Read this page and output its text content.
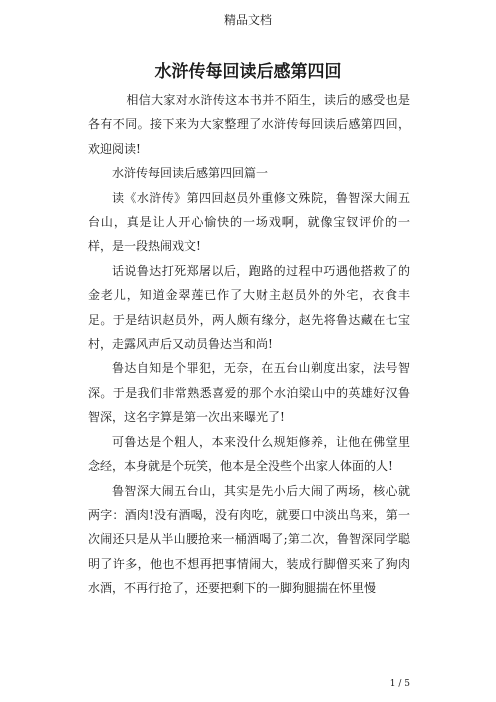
精品文档
水浒传每回读后感第四回

相信大家对水浒传这本书并不陌生，读后的感受也是各有不同。接下来为大家整理了水浒传每回读后感第四回，欢迎阅读!

水浒传每回读后感第四回篇一

读《水浒传》第四回赵员外重修文殊院，鲁智深大闹五台山，真是让人开心愉快的一场戏啊，就像宝钗评价的一样，是一段热闹戏文!

话说鲁达打死郑屠以后，跑路的过程中巧遇他搭救了的金老儿，知道金翠莲已作了大财主赵员外的外宅，衣食丰足。于是结识赵员外，两人颇有缘分，赵先将鲁达藏在七宝村，走露风声后又动员鲁达当和尚!

鲁达自知是个罪犯，无奈，在五台山剃度出家，法号智深。于是我们非常熟悉喜爱的那个水泊梁山中的英雄好汉鲁智深，这名字算是第一次出来曝光了!

可鲁达是个粗人，本来没什么规矩修养，让他在佛堂里念经，本身就是个玩笑，他本是全没些个出家人体面的人!

鲁智深大闹五台山，其实是先小后大闹了两场，核心就两字：酒肉!没有酒喝，没有肉吃，就要口中淡出鸟来，第一次闹还只是从半山腰抢来一桶酒喝了;第二次，鲁智深同学聪明了许多，他也不想再把事情闹大，装成行脚僧买来了狗肉水酒，不再行抢了，还要把剩下的一脚狗腿揣在怀里慢

1 / 5
